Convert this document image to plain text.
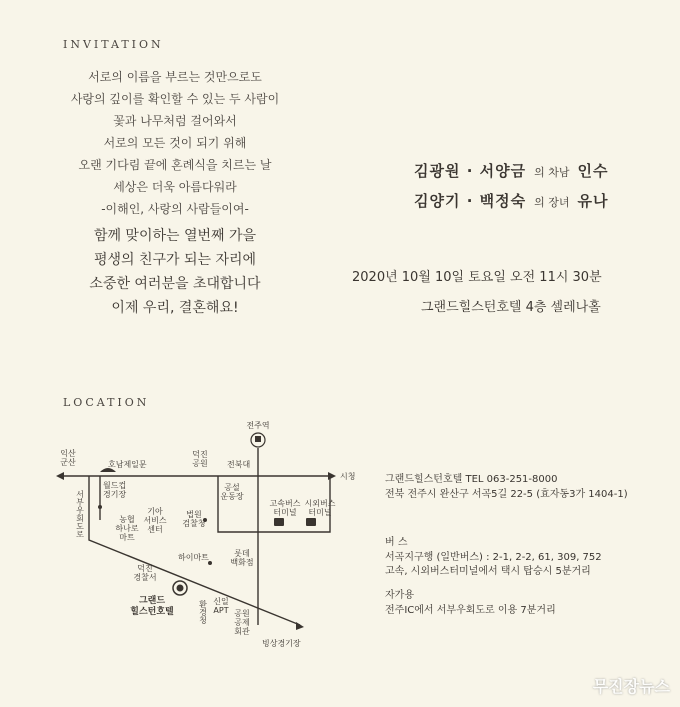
INVITATION
서로의 이름을 부르는 것만으로도
사랑의 깊이를 확인할 수 있는 두 사람이
꽃과 나무처럼 걸어와서
서로의 모든 것이 되기 위해
오랜 기다림 끝에 혼례식을 치르는 날
세상은 더욱 아름다워라
-이해인, 사랑의 사람들이여-
함께 맞이하는 열번째 가을
평생의 친구가 되는 자리에
소중한 여러분을 초대합니다
이제 우리, 결혼해요!
김광원 · 서양금 의 차남 인수
김양기 · 백정숙 의 장녀 유나
2020년 10월 10일 토요일 오전 11시 30분
그랜드힐스턴호텔 4층 셀레나홀
LOCATION
전주역
익산 군산
시청
호남제일문
덕진 공원 전북대
공설 운동장
고속버스 터미널
시외버스 터미널
서부우회도로
월드컵 경기장
농협 하나로 마트
기아 서비스 센터
법원 검찰청
하이마트
덕진 경찰서
롯데 백화점
환경청 신일 APT 공원 공제 회관
빙상경기장
그랜드 힐스턴호텔
그랜드힐스턴호텔 TEL 063-251-8000
전북 전주시 완산구 서곡5길 22-5 (효자동3가 1404-1)
버 스
서곡지구행 (일반버스) : 2-1, 2-2, 61, 309, 752
고속, 시외버스터미널에서 택시 탑승시 5분거리
자가용
전주IC에서 서부우회도로 이용 7분거리
무진장뉴스
